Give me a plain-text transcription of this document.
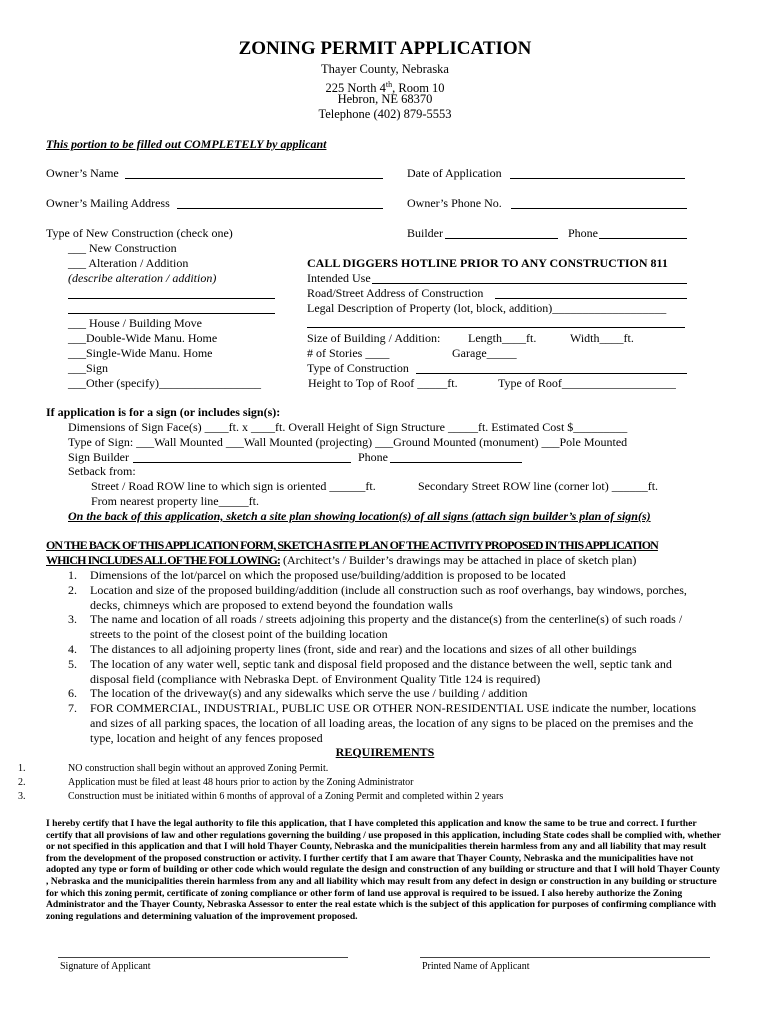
ZONING PERMIT APPLICATION
Thayer County, Nebraska
225 North 4th, Room 10
Hebron, NE 68370
Telephone (402) 879-5553
This portion to be filled out COMPLETELY by applicant
Owner’s Name	Date of Application
Owner’s Mailing Address	Owner’s Phone No.
Type of New Construction (check one)	Builder	Phone
___ New Construction
___ Alteration / Addition
(describe alteration / addition)
___ House / Building Move
___Double-Wide Manu. Home
___Single-Wide Manu. Home
___Sign
___Other (specify)_________________
CALL DIGGERS HOTLINE PRIOR TO ANY CONSTRUCTION 811
Intended Use
Road/Street Address of Construction
Legal Description of Property (lot, block, addition)___________________
Size of Building / Addition: Length____ft.	Width____ft.
# of Stories ____	Garage_____
Type of Construction
Height to Top of Roof _____ft.	Type of Roof___________________
If application is for a sign (or includes sign(s):
Dimensions of Sign Face(s) ____ft. x ____ft. Overall Height of Sign Structure _____ft. Estimated Cost $_________
Type of Sign: ___Wall Mounted ___Wall Mounted (projecting) ___Ground Mounted (monument) ___Pole Mounted
Sign Builder	Phone
Setback from:
Street / Road ROW line to which sign is oriented ______ft.	Secondary Street ROW line (corner lot) ______ft.
From nearest property line_____ft.
On the back of this application, sketch a site plan showing location(s) of all signs (attach sign builder’s plan of sign(s)
ON THE BACK OF THIS APPLICATION FORM, SKETCH A SITE PLAN OF THE ACTIVITY PROPOSED IN THIS APPLICATION
WHICH INCLUDES ALL OF THE FOLLOWING: (Architect’s / Builder’s drawings may be attached in place of sketch plan)
1.	Dimensions of the lot/parcel on which the proposed use/building/addition is proposed to be located
2.	Location and size of the proposed building/addition (include all construction such as roof overhangs, bay windows, porches, decks, chimneys which are proposed to extend beyond the foundation walls
3.	The name and location of all roads / streets adjoining this property and the distance(s) from the centerline(s) of such roads / streets to the point of the closest point of the building location
4.	The distances to all adjoining property lines (front, side and rear) and the locations and sizes of all other buildings
5.	The location of any water well, septic tank and disposal field proposed and the distance between the well, septic tank and disposal field (compliance with Nebraska Dept. of Environment Quality Title 124 is required)
6.	The location of the driveway(s) and any sidewalks which serve the use / building / addition
7.	FOR COMMERCIAL, INDUSTRIAL, PUBLIC USE OR OTHER NON-RESIDENTIAL USE indicate the number, locations and sizes of all parking spaces, the location of all loading areas, the location of any signs to be placed on the premises and the type, location and height of any fences proposed
REQUIREMENTS
1.	NO construction shall begin without an approved Zoning Permit.
2.	Application must be filed at least 48 hours prior to action by the Zoning Administrator
3.	Construction must be initiated within 6 months of approval of a Zoning Permit and completed within 2 years
I hereby certify that I have the legal authority to file this application, that I have completed this application and know the same to be true and correct. I further certify that all provisions of law and other regulations governing the building / use proposed in this application, including State codes shall be complied with, whether or not specified in this application and that I will hold Thayer County, Nebraska and the municipalities therein harmless from any and all liability that may result from the development of the proposed construction or activity. I further certify that I am aware that Thayer County, Nebraska and the municipalities have not adopted any type or form of building or other code which would regulate the design and construction of any building or structure and that I will hold Thayer County , Nebraska and the municipalities therein harmless from any and all liability which may result from any defect in design or construction in any building or structure for which this zoning permit, certificate of zoning compliance or other form of land use approval is required to be issued. I also hereby authorize the Zoning Administrator and the Thayer County, Nebraska Assessor to enter the real estate which is the subject of this application for purposes of confirming compliance with zoning regulations and determining valuation of the improvement proposed.
Signature of Applicant	Printed Name of Applicant
